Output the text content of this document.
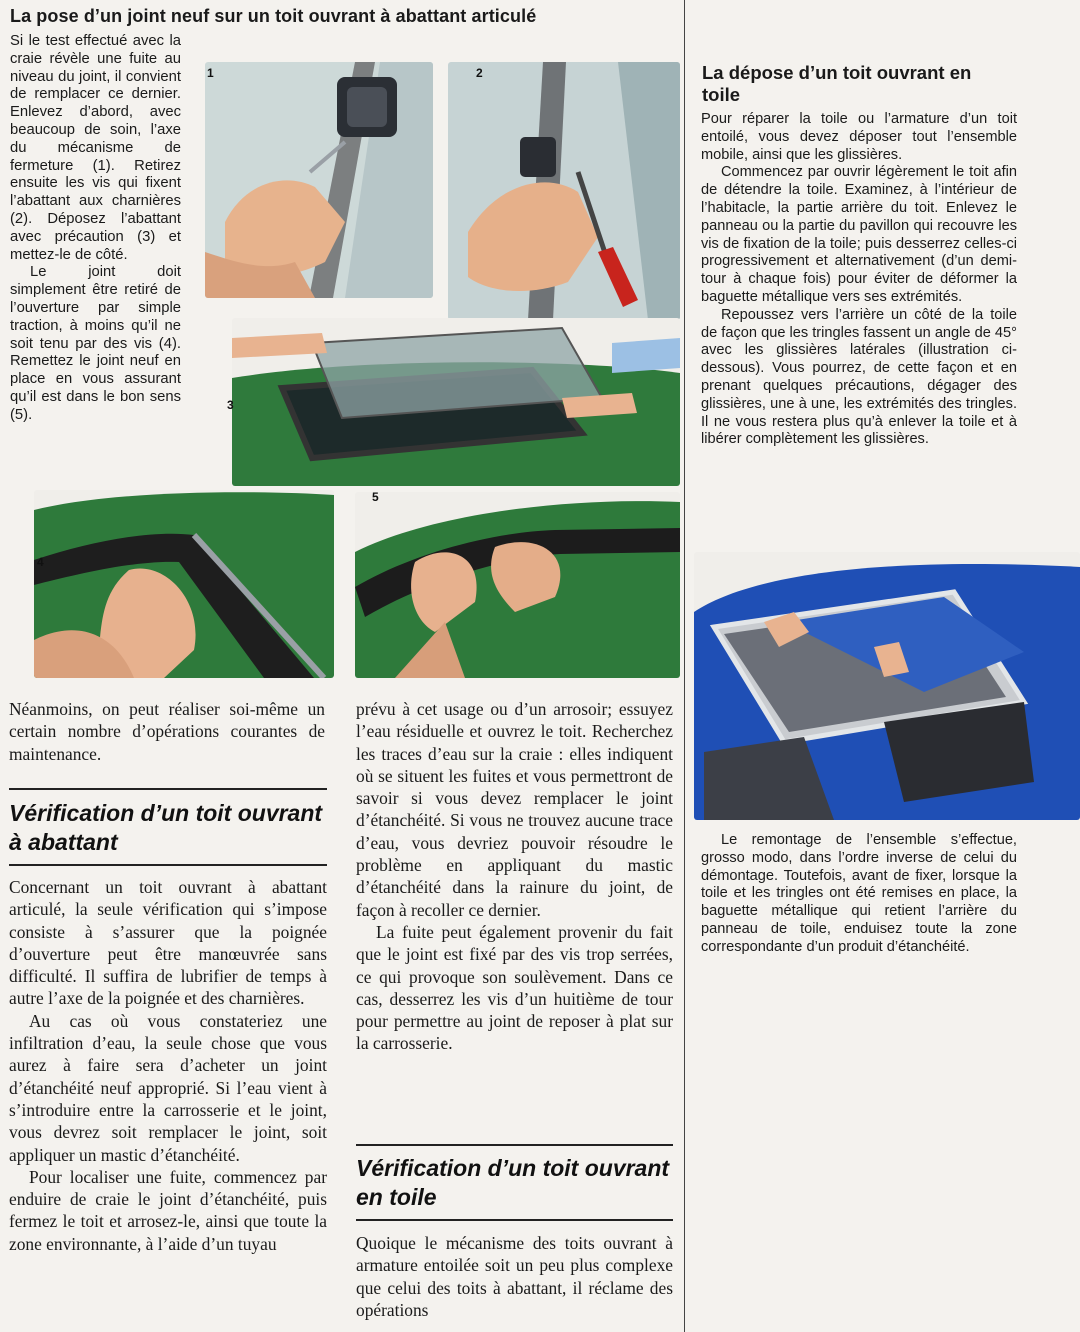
La pose d’un joint neuf sur un toit ouvrant à abattant articulé

Si le test effectué avec la craie révèle une fuite au niveau du joint, il convient de remplacer ce dernier. Enlevez d’abord, avec beaucoup de soin, l’axe du mécanisme de fermeture (1). Retirez ensuite les vis qui fixent l’abattant aux charnières (2). Déposez l’abattant avec précaution (3) et mettez-le de côté.

Le joint doit simplement être retiré de l’ouverture par simple traction, à moins qu’il ne soit tenu par des vis (4). Remettez le joint neuf en place en vous assurant qu’il est dans le bon sens (5).

1	2
3
4
5
La dépose d’un toit ouvrant en toile

Pour réparer la toile ou l’armature d’un toit entoilé, vous devez déposer tout l’ensemble mobile, ainsi que les glissières.

Commencez par ouvrir légèrement le toit afin de détendre la toile. Examinez, à l’intérieur de l’habitacle, la partie arrière du toit. Enlevez le panneau ou la partie du pavillon qui recouvre les vis de fixation de la toile; puis desserrez celles-ci progressivement et alternativement (d’un demi-tour à chaque fois) pour éviter de déformer la baguette métallique vers ses extrémités.

Repoussez vers l’arrière un côté de la toile de façon que les tringles fassent un angle de 45° avec les glissières latérales (illustration ci-dessous). Vous pourrez, de cette façon et en prenant quelques précautions, dégager des glissières, une à une, les extrémités des tringles. Il ne vous restera plus qu’à enlever la toile et à libérer complètement les glissières.

Le remontage de l’ensemble s’effectue, grosso modo, dans l’ordre inverse de celui du démontage. Toutefois, avant de fixer, lorsque la toile et les tringles ont été remises en place, la baguette métallique qui retient l’arrière du panneau de toile, enduisez toute la zone correspondante d’un produit d’étanchéité.

Néanmoins, on peut réaliser soi-même un certain nombre d’opérations courantes de maintenance.
Vérification d’un toit ouvrant à abattant

Concernant un toit ouvrant à abattant articulé, la seule vérification qui s’impose consiste à s’assurer que la poignée d’ouverture peut être manœuvrée sans difficulté. Il suffira de lubrifier de temps à autre l’axe de la poignée et des charnières.

Au cas où vous constateriez une infiltration d’eau, la seule chose que vous aurez à faire sera d’acheter un joint d’étanchéité neuf approprié. Si l’eau vient à s’introduire entre la carrosserie et le joint, vous devrez soit remplacer le joint, soit appliquer un mastic d’étanchéité.

Pour localiser une fuite, commencez par enduire de craie le joint d’étanchéité, puis fermez le toit et arrosez-le, ainsi que toute la zone environnante, à l’aide d’un tuyau

prévu à cet usage ou d’un arrosoir; essuyez l’eau résiduelle et ouvrez le toit. Recherchez les traces d’eau sur la craie : elles indiquent où se situent les fuites et vous permettront de savoir si vous devez remplacer le joint d’étanchéité. Si vous ne trouvez aucune trace d’eau, vous devriez pouvoir résoudre le problème en appliquant du mastic d’étanchéité dans la rainure du joint, de façon à recoller ce dernier.

La fuite peut également provenir du fait que le joint est fixé par des vis trop serrées, ce qui provoque son soulèvement. Dans ce cas, desserrez les vis d’un huitième de tour pour permettre au joint de reposer à plat sur la carrosserie.

Vérification d’un toit ouvrant en toile

Quoique le mécanisme des toits ouvrant à armature entoilée soit un peu plus complexe que celui des toits à abattant, il réclame des opérations
